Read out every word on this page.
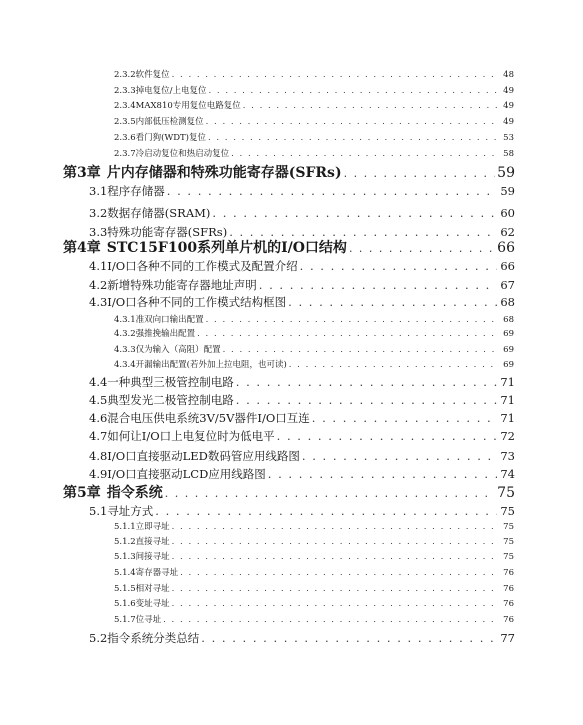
2.3.2 软件复位 . . .	48
2.3.3 掉电复位/上电复位 . . .	49
2.3.4 MAX810专用复位电路复位 . . .	49
2.3.5 内部低压检测复位 . . .	49
2.3.6 看门狗(WDT)复位 . . .	53
2.3.7 冷启动复位和热启动复位 . . .	58
第3章 片内存储器和特殊功能寄存器(SFRs) . . .	59
3.1 程序存储器 . . .	59
3.2 数据存储器(SRAM) . . .	60
3.3 特殊功能寄存器(SFRs) . . .	62
第4章 STC15F100系列单片机的I/O口结构 . . .	66
4.1 I/O口各种不同的工作模式及配置介绍 . . .	66
4.2 新增特殊功能寄存器地址声明 . . .	67
4.3 I/O口各种不同的工作模式结构框图 . . .	68
4.3.1 准双向口输出配置 . . .	68
4.3.2 强推挽输出配置 . . .	69
4.3.3 仅为输入（高阻）配置 . . .	69
4.3.4 开漏输出配置(若外加上拉电阻，也可读) . . .	69
4.4 一种典型三极管控制电路 . . .	71
4.5 典型发光二极管控制电路 . . .	71
4.6 混合电压供电系统3V/5V器件I/O口互连 . . .	71
4.7 如何让I/O口上电复位时为低电平 . . .	72
4.8 I/O口直接驱动LED数码管应用线路图 . . .	73
4.9 I/O口直接驱动LCD应用线路图 . . .	74
第5章 指令系统 . . .	75
5.1 寻址方式 . . .	75
5.1.1 立即寻址 . . .	75
5.1.2 直接寻址 . . .	75
5.1.3 间接寻址 . . .	75
5.1.4 寄存器寻址 . . .	76
5.1.5 相对寻址 . . .	76
5.1.6 变址寻址 . . .	76
5.1.7 位寻址 . . .	76
5.2 指令系统分类总结 . . .	77
